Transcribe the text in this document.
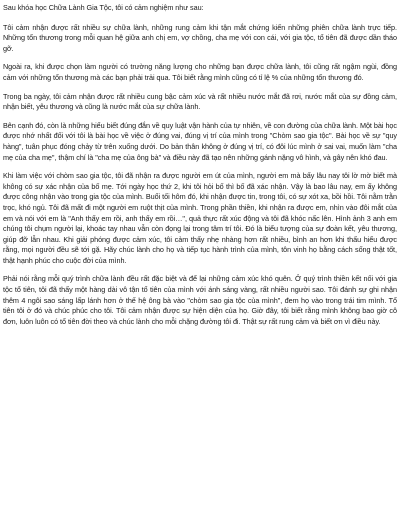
Sau khóa học Chữa Lành Gia Tộc, tôi có cảm nghiệm như sau:

Tôi cảm nhận được rất nhiều sự chữa lành, những rung cảm khi tận mắt chứng kiến những phiên chữa lành trực tiếp. Những tổn thương trong mỗi quan hệ giữa anh chị em, vợ chồng, cha mẹ với con cái, với gia tộc, tổ tiên đã được dần tháo gỡ.

Ngoài ra, khi được chọn làm người có trường năng lượng cho những bạn được chữa lành, tôi cũng rất ngậm ngùi, đồng cảm với những tổn thương mà các bạn phải trải qua. Tôi biết rằng mình cũng có tỉ lệ % của những tổn thương đó.

Trong ba ngày, tôi cảm nhận được rất nhiều cung bậc cảm xúc và rất nhiều nước mắt đã rơi, nước mắt của sự đồng cảm, nhận biết, yêu thương và cũng là nước mắt của sự chữa lành.

Bên cạnh đó, còn là những hiểu biết đúng đắn về quy luật vận hành của tự nhiên, về con đường của chữa lành. Một bài học được nhớ nhất đối với tôi là bài học về việc ở đúng vai, đúng vị trí của mình trong "Chòm sao gia tộc". Bài học về sự "quy hàng", tuân phục đóng chảy từ trên xuống dưới. Do bản thân không ở đúng vị trí, có đôi lúc mình ở sai vai, muốn làm "cha mẹ của cha mẹ", thậm chí là "cha mẹ của ông bà" và điều này đã tạo nên những gánh nặng vô hình, và gây nên khó đau.

Khi làm việc với chòm sao gia tộc, tôi đã nhận ra được người em út của mình, người em mà bấy lâu nay tôi lờ mờ biết mà không có sự xác nhận của bố mẹ. Tới ngày học thứ 2, khi tôi hỏi bố thì bố đã xác nhận. Vậy là bao lâu nay, em ấy không được công nhận vào trong gia tộc của mình. Buổi tối hôm đó, khi nhận được tin, trong tôi, có sự xót xa, bồi hồi. Tôi nằm trằn trọc, khó ngủ. Tôi đã mất đi một người em ruột thịt của mình. Trong phần thiền, khi nhận ra được em, nhìn vào đôi mắt của em và nói với em là "Anh thấy em rồi, anh thấy em rồi…", quả thực rất xúc động và tôi đã khóc nấc lên. Hình ảnh 3 anh em chúng tôi chụm người lại, khoác tay nhau vẫn còn đọng lại trong tâm trí tôi. Đó là biểu tượng của sự đoàn kết, yêu thương, giúp đỡ lẫn nhau. Khi giải phóng được cảm xúc, tôi cảm thấy nhẹ nhàng hơn rất nhiều, bình an hơn khi thấu hiểu được rằng, mọi người đều sẽ tới gặ. Hãy chúc lành cho họ và tiếp tục hành trình của mình, tôn vinh họ bằng cách sống thật tốt, thật hạnh phúc cho cuộc đời của mình.

Phải nói rằng mỗi quý trình chữa lành đều rất đặc biệt và để lại những cảm xúc khó quên. Ở quý trình thiền kết nối với gia tộc tổ tiên, tôi đã thấy một hàng dài vô tận tổ tiên của mình với ánh sáng vàng, rất nhiều người sao. Tôi đánh sự ghi nhận thêm 4 ngôi sao sáng lấp lánh hơn ở thế hệ ông bà vào "chòm sao gia tộc của mình", đem họ vào trong trái tim mình. Tổ tiên tôi ở đó và chúc phúc cho tôi. Tôi cảm nhận được sự hiện diện của họ. Giờ đây, tôi biết rằng mình không bao giờ cô đơn, luôn luôn có tổ tiên đời theo và chúc lành cho mỗi chặng đường tôi đi. Thật sự rất rung cảm và biết ơn vì điều này.
